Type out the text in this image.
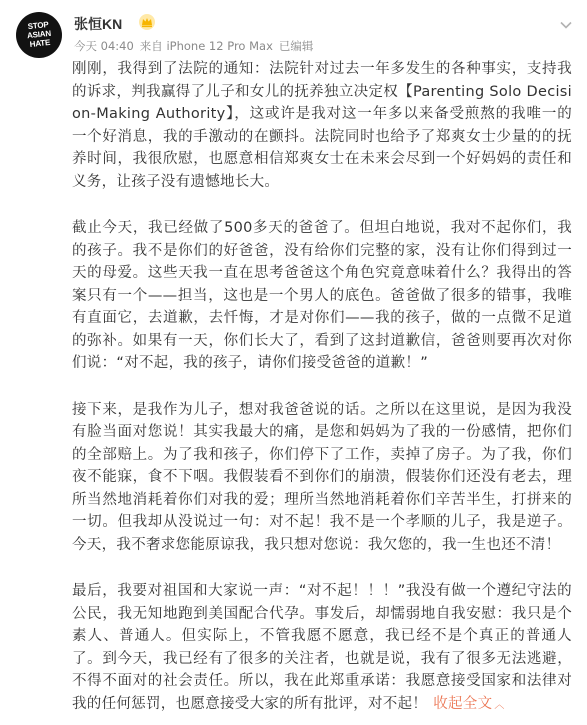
STOP
ASIAN
HATE
张恒KN
今天 04:40 来自 iPhone 12 Pro Max 已编辑

刚刚，我得到了法院的通知：法院针对过去一年多发生的各种事实，支持我的诉求，判我赢得了儿子和女儿的抚养独立决定权【Parenting Solo Decision-Making Authority】，这或许是我对这一年多以来备受煎熬的我唯一的一个好消息，我的手激动的在颤抖。法院同时也给予了郑爽女士少量的的抚养时间，我很欣慰，也愿意相信郑爽女士在未来会尽到一个好妈妈的责任和义务，让孩子没有遗憾地长大。

截止今天，我已经做了500多天的爸爸了。但坦白地说，我对不起你们，我的孩子。我不是你们的好爸爸，没有给你们完整的家，没有让你们得到过一天的母爱。这些天我一直在思考爸爸这个角色究竟意味着什么？我得出的答案只有一个——担当，这也是一个男人的底色。爸爸做了很多的错事，我唯有直面它，去道歉，去忏悔，才是对你们——我的孩子，做的一点微不足道的弥补。如果有一天，你们长大了，看到了这封道歉信，爸爸则要再次对你们说：“对不起，我的孩子，请你们接受爸爸的道歉！”

接下来，是我作为儿子，想对我爸爸说的话。之所以在这里说，是因为我没有脸当面对您说！其实我最大的痛，是您和妈妈为了我的一份感情，把你们的全部赔上。为了我和孩子，你们停下了工作，卖掉了房子。为了我，你们夜不能寐，食不下咽。我假装看不到你们的崩溃，假装你们还没有老去，理所当然地消耗着你们对我的爱；理所当然地消耗着你们辛苦半生，打拼来的一切。但我却从没说过一句：对不起！我不是一个孝顺的儿子，我是逆子。今天，我不奢求您能原谅我，我只想对您说：我欠您的，我一生也还不清！

最后，我要对祖国和大家说一声：“对不起！！！”我没有做一个遵纪守法的公民，我无知地跑到美国配合代孕。事发后，却懦弱地自我安慰：我只是个素人、普通人。但实际上，不管我愿不愿意，我已经不是个真正的普通人了。到今天，我已经有了很多的关注者，也就是说，我有了很多无法逃避，不得不面对的社会责任。所以，我在此郑重承诺：我愿意接受国家和法律对我的任何惩罚，也愿意接受大家的所有批评，对不起！ 收起全文 ︿
